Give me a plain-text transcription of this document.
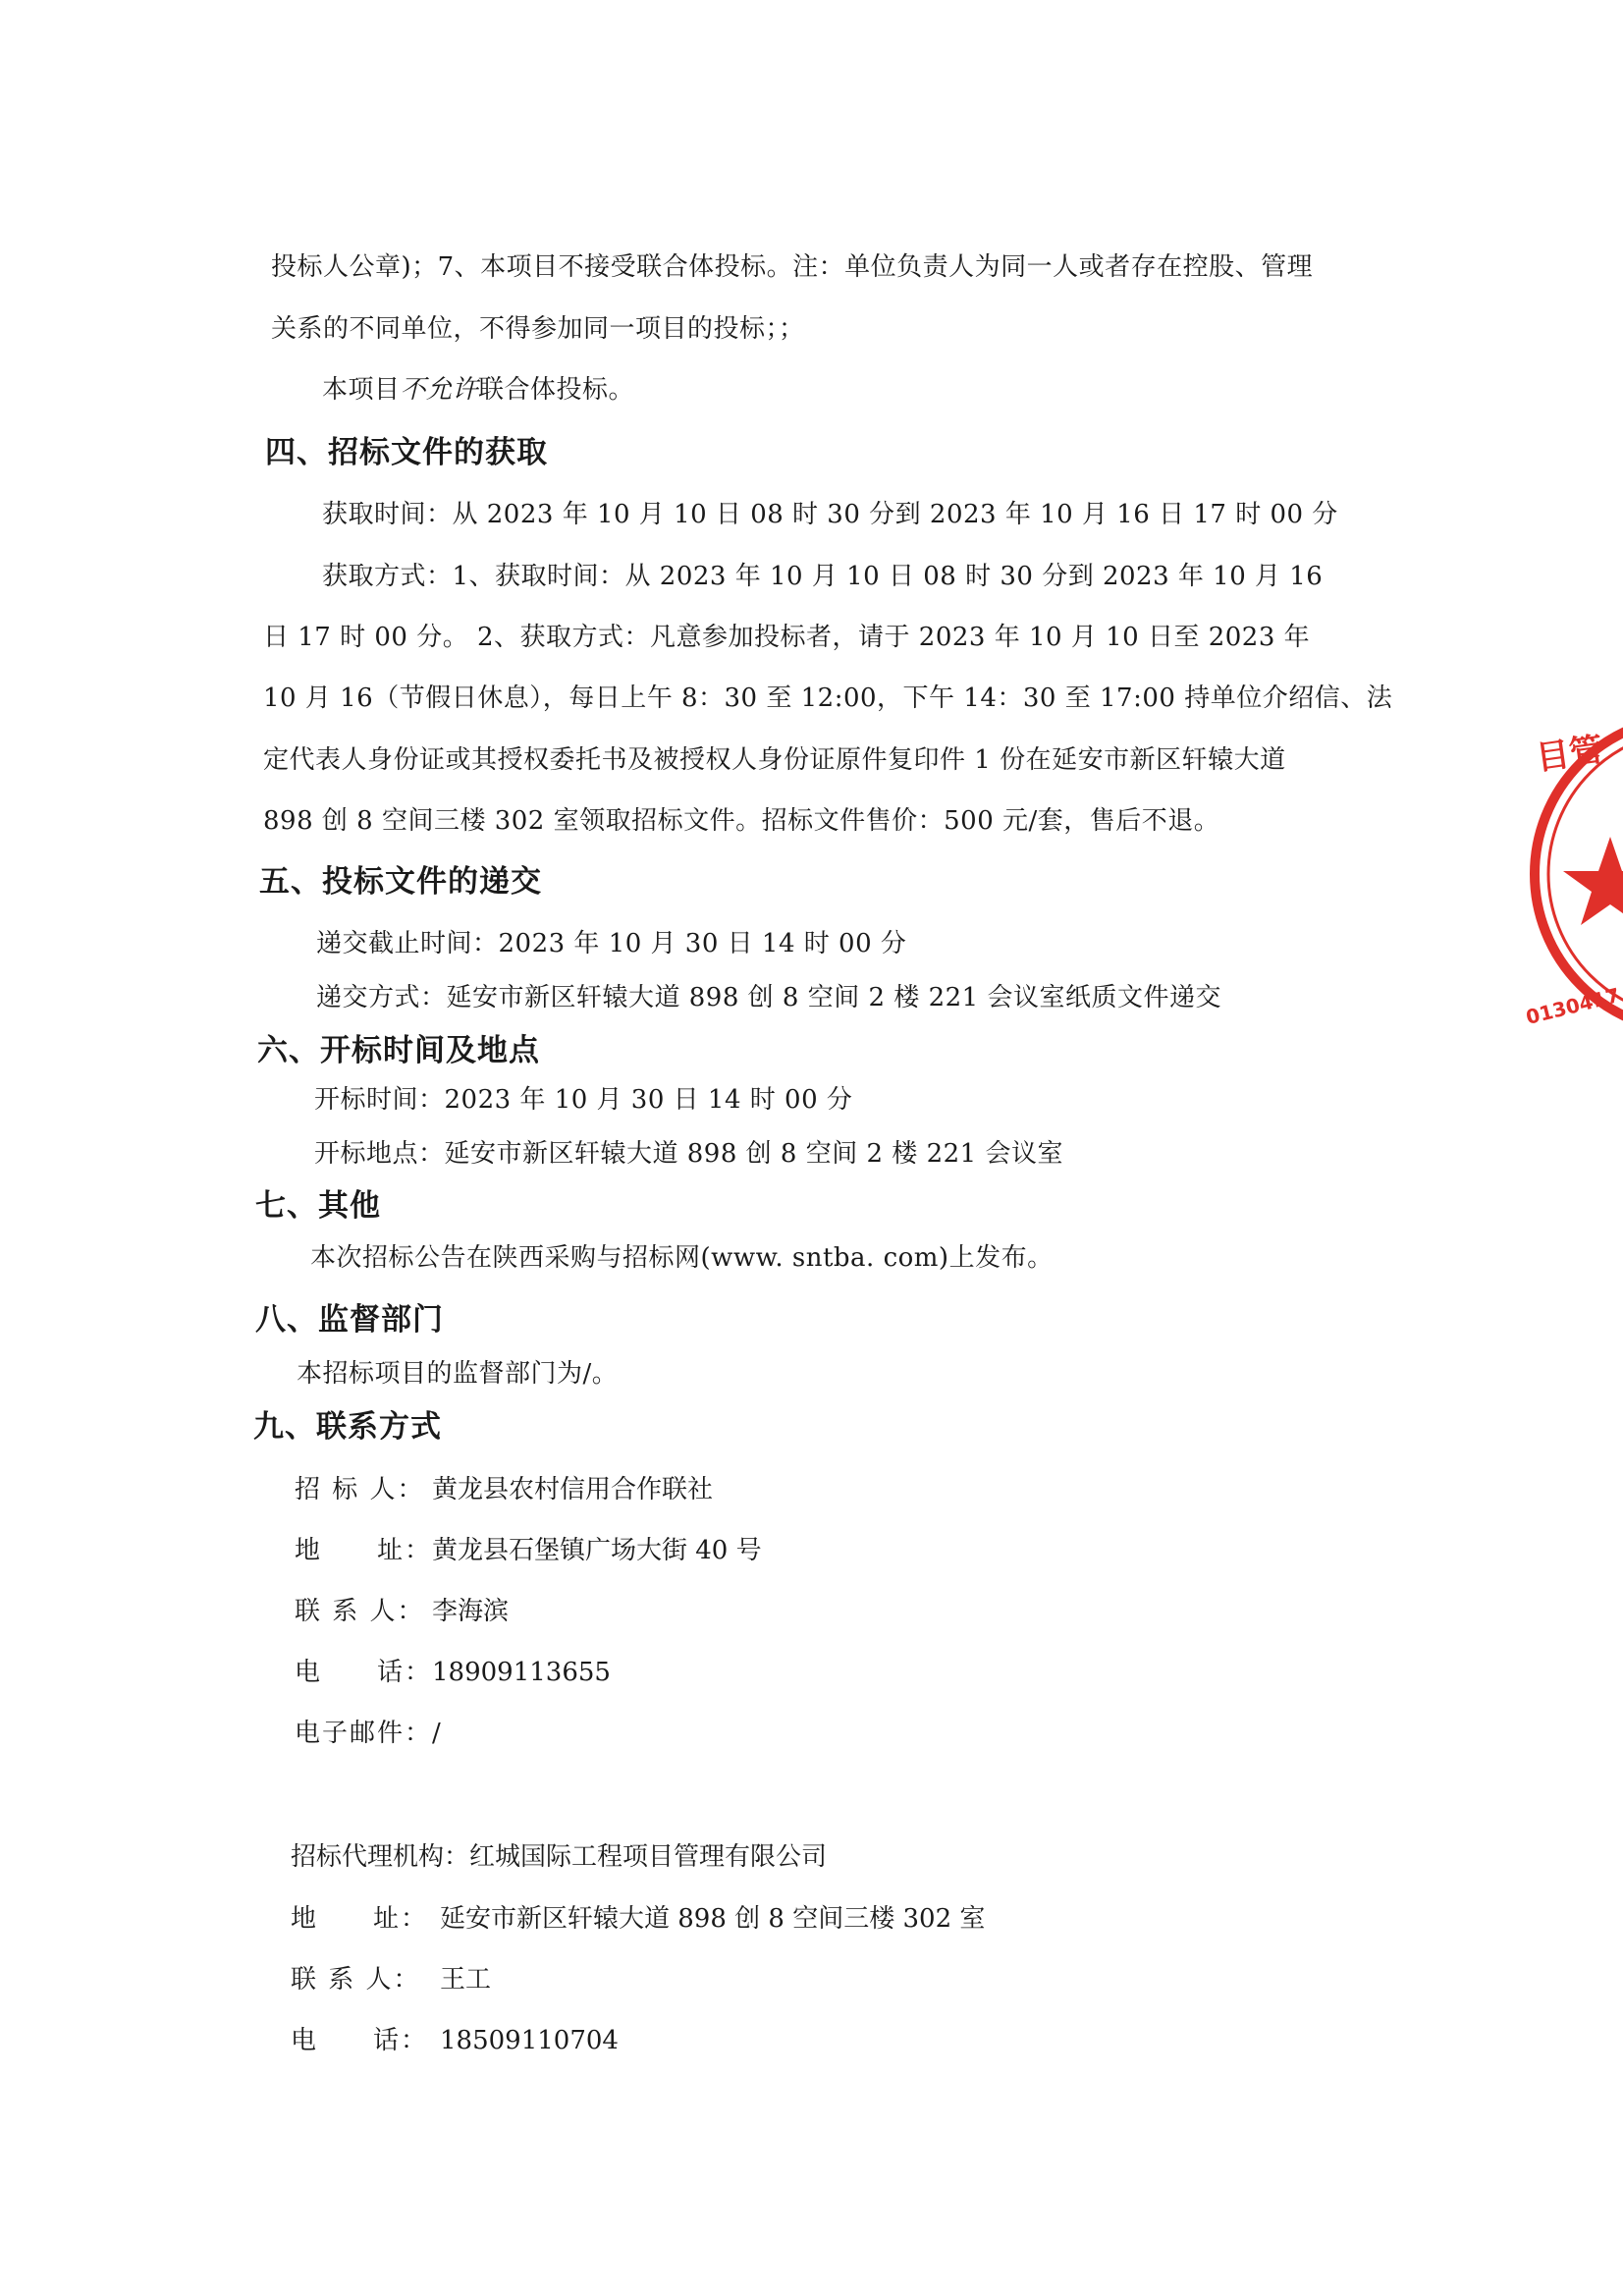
投标人公章)；7、本项目不接受联合体投标。注：单位负责人为同一人或者存在控股、管理
关系的不同单位，不得参加同一项目的投标；；
本项目不允许联合体投标。
四、招标文件的获取
获取时间：从 2023 年 10 月 10 日 08 时 30 分到 2023 年 10 月 16 日 17 时 00 分
获取方式：1、获取时间：从 2023 年 10 月 10 日 08 时 30 分到 2023 年 10 月 16
日 17 时 00 分。 2、获取方式：凡意参加投标者，请于 2023 年 10 月 10 日至 2023 年
10 月 16（节假日休息），每日上午 8：30 至 12:00，下午 14：30 至 17:00 持单位介绍信、法
定代表人身份证或其授权委托书及被授权人身份证原件复印件 1 份在延安市新区轩辕大道
898 创 8 空间三楼 302 室领取招标文件。招标文件售价：500 元/套，售后不退。
五、投标文件的递交
递交截止时间：2023 年 10 月 30 日 14 时 00 分
递交方式：延安市新区轩辕大道 898 创 8 空间 2 楼 221 会议室纸质文件递交
六、开标时间及地点
开标时间：2023 年 10 月 30 日 14 时 00 分
开标地点：延安市新区轩辕大道 898 创 8 空间 2 楼 221 会议室
七、其他
本次招标公告在陕西采购与招标网(www. sntba. com)上发布。
八、监督部门
本招标项目的监督部门为/。
九、联系方式
招 标 人： 黄龙县农村信用合作联社
地　　址：黄龙县石堡镇广场大街 40 号
联 系 人： 李海滨
电　　话：18909113655
电子邮件：/
招标代理机构：红城国际工程项目管理有限公司
地　　址： 延安市新区轩辕大道 898 创 8 空间三楼 302 室
联 系 人： 王工
电　　话： 18509110704
目管
0130417
